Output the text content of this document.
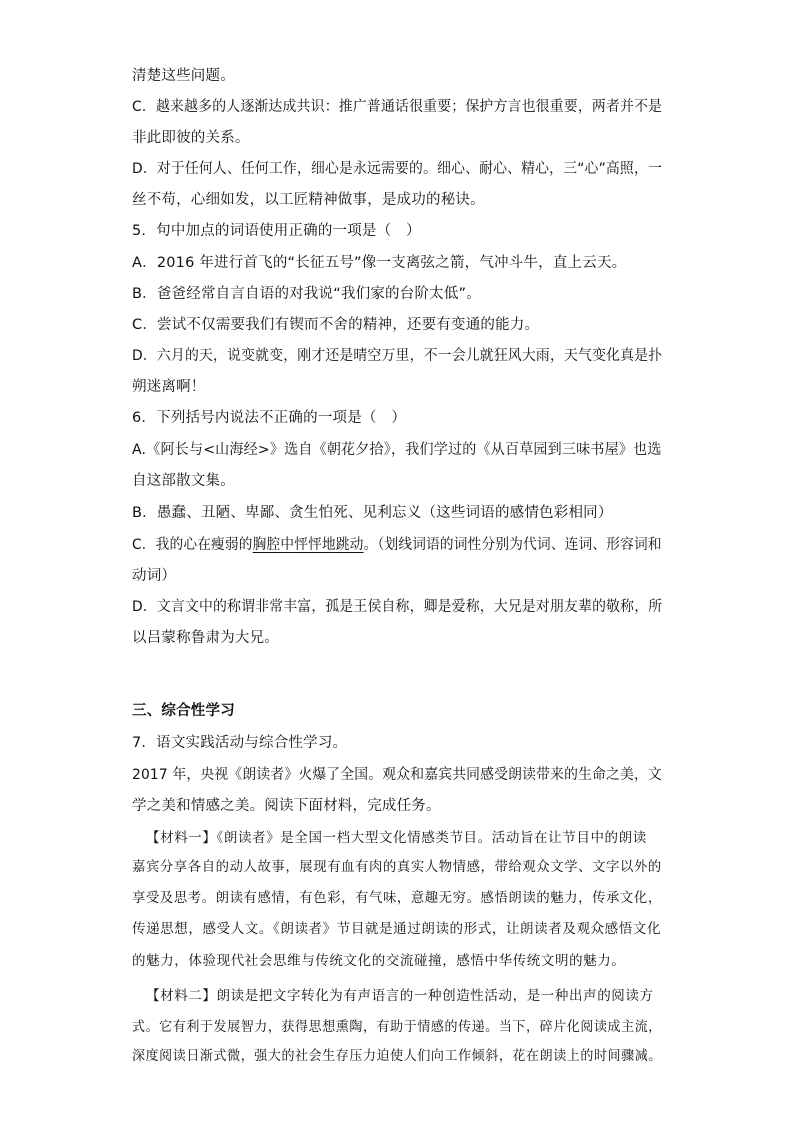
清楚这些问题。
C．越来越多的人逐渐达成共识：推广普通话很重要；保护方言也很重要，两者并不是
非此即彼的关系。
D．对于任何人、任何工作，细心是永远需要的。细心、耐心、精心，三“心”高照，一
丝不苟，心细如发，以工匠精神做事，是成功的秘诀。
5．句中加点的词语使用正确的一项是（　）
A．2016 年进行首飞的“长征五号”像一支离弦之箭，气冲斗牛，直上云天。
B．爸爸经常自言自语的对我说“我们家的台阶太低”。
C．尝试不仅需要我们有锲而不舍的精神，还要有变通的能力。
D．六月的天，说变就变，刚才还是晴空万里，不一会儿就狂风大雨，天气变化真是扑
朔迷离啊！
6．下列括号内说法不正确的一项是（　）
A.《阿长与<山海经>》选自《朝花夕拾》，我们学过的《从百草园到三味书屋》也选
自这部散文集。
B．愚蠢、丑陋、卑鄙、贪生怕死、见利忘义（这些词语的感情色彩相同）
C．我的心在瘦弱的胸腔中怦怦地跳动。（划线词语的词性分别为代词、连词、形容词和
动词）
D．文言文中的称谓非常丰富，孤是王侯自称，卿是爱称，大兄是对朋友辈的敬称，所
以吕蒙称鲁肃为大兄。
三、综合性学习
7．语文实践活动与综合性学习。
2017 年，央视《朗读者》火爆了全国。观众和嘉宾共同感受朗读带来的生命之美，文
学之美和情感之美。阅读下面材料，完成任务。
【材料一】《朗读者》是全国一档大型文化情感类节目。活动旨在让节目中的朗读
嘉宾分享各自的动人故事，展现有血有肉的真实人物情感，带给观众文学、文字以外的
享受及思考。朗读有感情，有色彩，有气味，意趣无穷。感悟朗读的魅力，传承文化，
传递思想，感受人文。《朗读者》节目就是通过朗读的形式，让朗读者及观众感悟文化
的魅力，体验现代社会思维与传统文化的交流碰撞，感悟中华传统文明的魅力。
【材料二】朗读是把文字转化为有声语言的一种创造性活动，是一种出声的阅读方
式。它有利于发展智力，获得思想熏陶，有助于情感的传递。当下，碎片化阅读成主流，
深度阅读日渐式微，强大的社会生存压力迫使人们向工作倾斜，花在朗读上的时间骤减。
